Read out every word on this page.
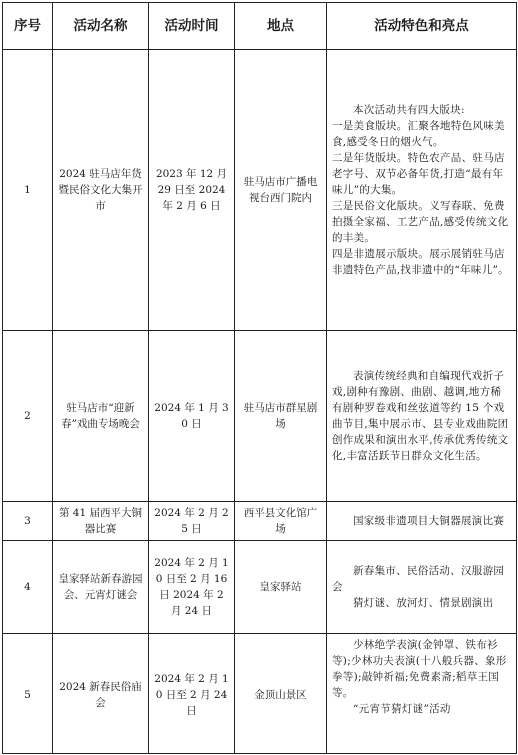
序号	活动名称	活动时间	地点	活动特色和亮点
1	2024 驻马店年货暨民俗文化大集开市	2023 年 12 月 29 日至 2024 年 2 月 6 日	驻马店市广播电视台西门院内	本次活动共有四大版块:
一是美食版块。汇聚各地特色风味美食,感受冬日的烟火气。
二是年货版块。特色农产品、驻马店老字号、双节必备年货,打造“最有年味儿”的大集。
三是民俗文化版块。义写春联、免费拍摄全家福、工艺产品,感受传统文化的丰美。
四是非遗展示版块。展示展销驻马店非遗特色产品,找非遗中的“年味儿”。

2	驻马店市“迎新春”戏曲专场晚会	2024 年 1 月 30 日	驻马店市群星剧场	表演传统经典和自编现代戏折子戏,剧种有豫剧、曲剧、越调,地方稀有剧种罗卷戏和丝弦道等约 15 个戏曲节目,集中展示市、县专业戏曲院团创作成果和演出水平,传承优秀传统文化,丰富活跃节日群众文化生活。

3	第 41 届西平大铜器比赛	2024 年 2 月 25 日	西平县文化馆广场	国家级非遗项目大铜器展演比赛

4	皇家驿站新春游园会、元宵灯谜会	2024 年 2 月 10 日至 2 月 16 日 2024 年 2 月 24 日	皇家驿站	新春集市、民俗活动、汉服游园会
猜灯谜、放河灯、情景剧演出

5	2024 新春民俗庙会	2024 年 2 月 10 日至 2 月 24 日	金顶山景区	少林绝学表演(金钟罩、铁布衫等);少林功夫表演(十八般兵器、象形拳等);敲钟祈福;免费素斋;稻草王国等。
“元宵节猜灯谜”活动
